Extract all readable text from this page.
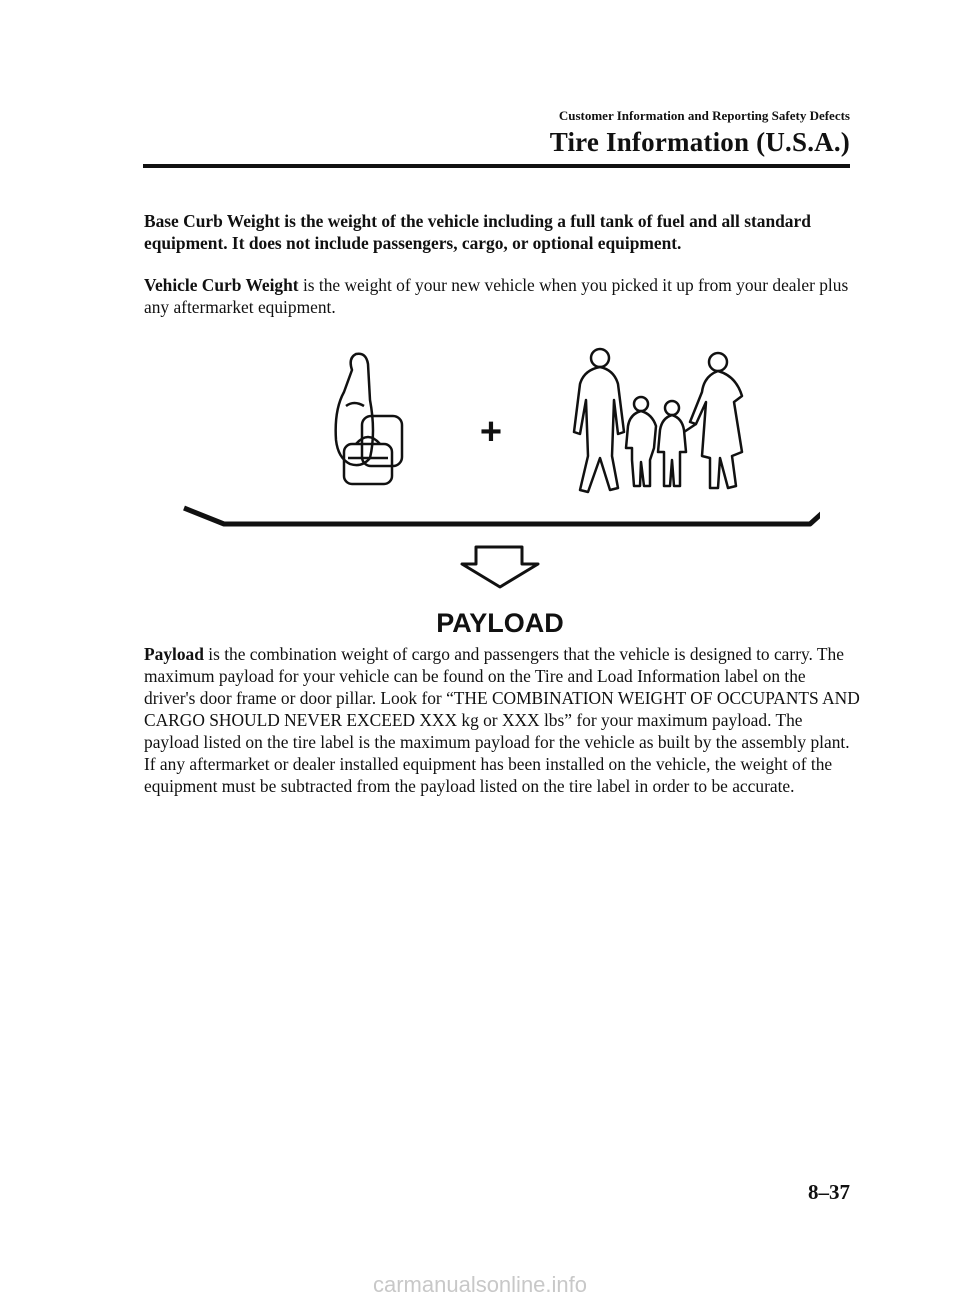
Customer Information and Reporting Safety Defects
Tire Information (U.S.A.)

Base Curb Weight is the weight of the vehicle including a full tank of fuel and all standard equipment. It does not include passengers, cargo, or optional equipment.

Vehicle Curb Weight is the weight of your new vehicle when you picked it up from your dealer plus any aftermarket equipment.

+
PAYLOAD

Payload is the combination weight of cargo and passengers that the vehicle is designed to carry. The maximum payload for your vehicle can be found on the Tire and Load Information label on the driver's door frame or door pillar. Look for “THE COMBINATION WEIGHT OF OCCUPANTS AND CARGO SHOULD NEVER EXCEED XXX kg or XXX lbs” for your maximum payload. The payload listed on the tire label is the maximum payload for the vehicle as built by the assembly plant. If any aftermarket or dealer installed equipment has been installed on the vehicle, the weight of the equipment must be subtracted from the payload listed on the tire label in order to be accurate.

8–37
carmanualsonline.info
